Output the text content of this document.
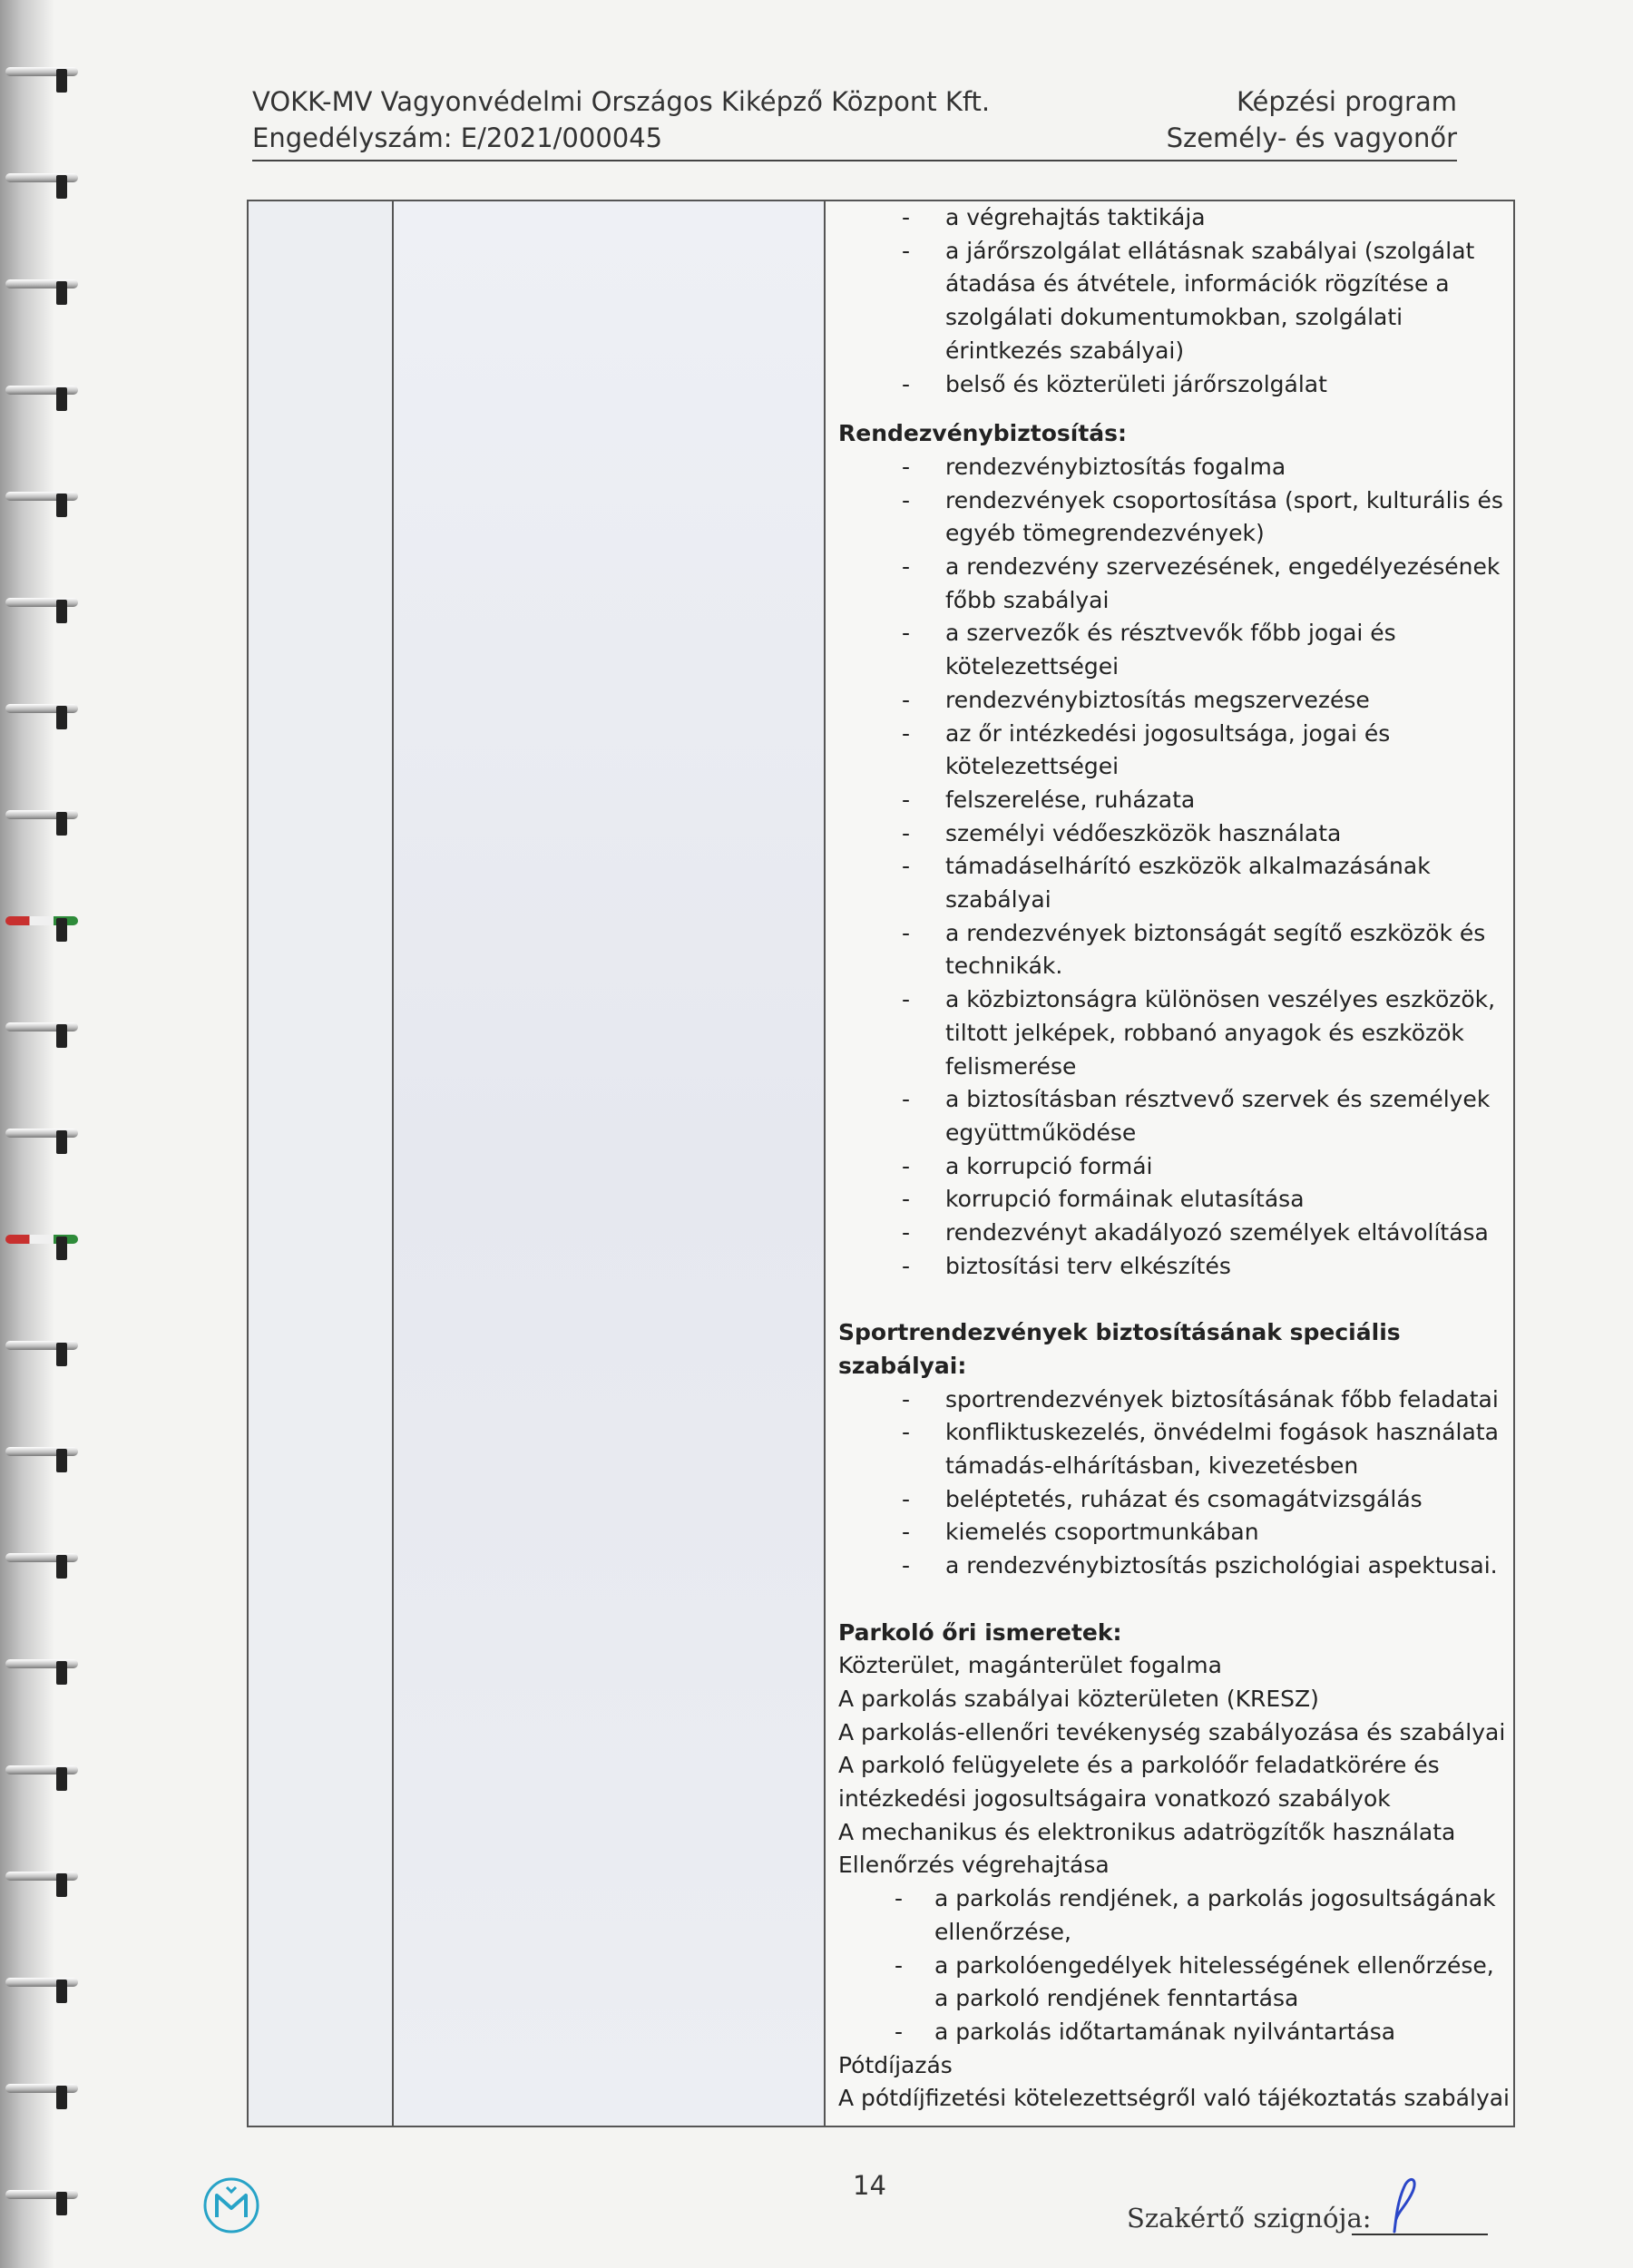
VOKK-MV Vagyonvédelmi Országos Kiképző Központ Kft.
Engedélyszám: E/2021/000045
Képzési program
Személy- és vagyonőr
- a végrehajtás taktikája
- a járőrszolgálat ellátásnak szabályai (szolgálat átadása és átvétele, információk rögzítése a szolgálati dokumentumokban, szolgálati érintkezés szabályai)
- belső és közterületi járőrszolgálat
Rendezvénybiztosítás:
- rendezvénybiztosítás fogalma
- rendezvények csoportosítása (sport, kulturális és egyéb tömegrendezvények)
- a rendezvény szervezésének, engedélyezésének főbb szabályai
- a szervezők és résztvevők főbb jogai és kötelezettségei
- rendezvénybiztosítás megszervezése
- az őr intézkedési jogosultsága, jogai és kötelezettségei
- felszerelése, ruházata
- személyi védőeszközök használata
- támadáselhárító eszközök alkalmazásának szabályai
- a rendezvények biztonságát segítő eszközök és technikák.
- a közbiztonságra különösen veszélyes eszközök, tiltott jelképek, robbanó anyagok és eszközök felismerése
- a biztosításban résztvevő szervek és személyek együttműködése
- a korrupció formái
- korrupció formáinak elutasítása
- rendezvényt akadályozó személyek eltávolítása
- biztosítási terv elkészítés
Sportrendezvények biztosításának speciális szabályai:
- sportrendezvények biztosításának főbb feladatai
- konfliktuskezelés, önvédelmi fogások használata támadás-elhárításban, kivezetésben
- beléptetés, ruházat és csomagátvizsgálás
- kiemelés csoportmunkában
- a rendezvénybiztosítás pszichológiai aspektusai.
Parkoló őri ismeretek:
Közterület, magánterület fogalma
A parkolás szabályai közterületen (KRESZ)
A parkolás-ellenőri tevékenység szabályozása és szabályai
A parkoló felügyelete és a parkolóőr feladatkörére és intézkedési jogosultságaira vonatkozó szabályok
A mechanikus és elektronikus adatrögzítők használata
Ellenőrzés végrehajtása
- a parkolás rendjének, a parkolás jogosultságának ellenőrzése,
- a parkolóengedélyek hitelességének ellenőrzése, a parkoló rendjének fenntartása
- a parkolás időtartamának nyilvántartása
Pótdíjazás
A pótdíjfizetési kötelezettségről való tájékoztatás szabályai
14
Szakértő szignója:
